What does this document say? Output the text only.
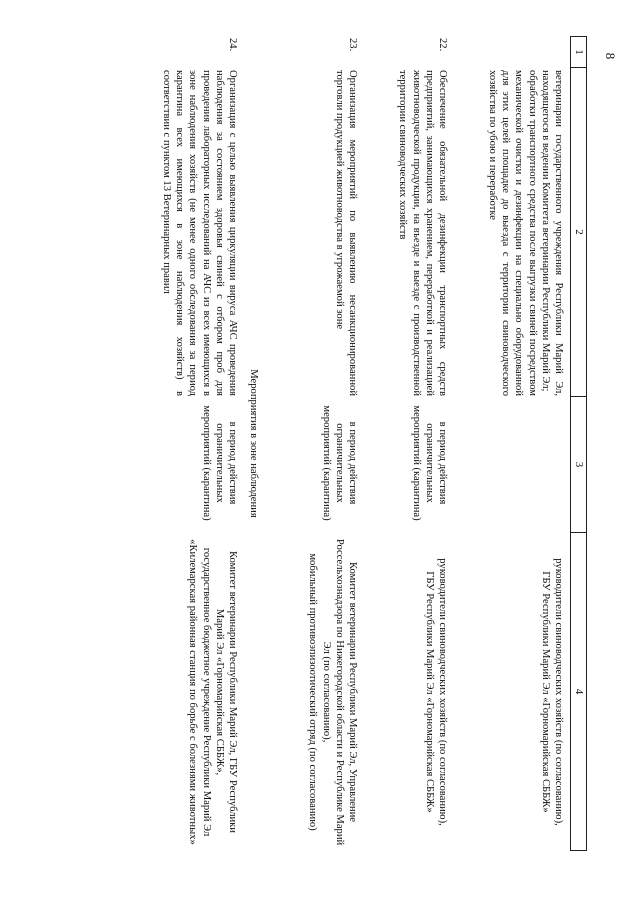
8
1
2
3
4

ветеринарии государственного учреждения Республики Марий Эл, находящегося в ведении Комитета ветеринарии Республики Марий Эл;

обработки транспортного средства после выгрузки свиней посредством механической очистки и дезинфекции на специально оборудованной для этих целей площадке до выезда с территории свиноводческого хозяйства по убою и переработке

руководители свиноводческих хозяйств (по согласованию),

ГБУ Республики Марий Эл «Горномарийская СББЖ»

22.
Обеспечение обязательной дезинфекции транспортных средств предприятий, занимающихся хранением, переработкой и реализацией животноводческой продукции, на въезде и выезде с производственной территории свиноводческих хозяйств
в период действия ограничительных мероприятий (карантина)

руководители свиноводческих хозяйств (по согласованию),

ГБУ Республики Марий Эл «Горномарийская СББЖ»

23.
Организация мероприятий по выявлению несанкционированной торговли продукцией животноводства в угрожаемой зоне
в период действия ограничительных мероприятий (карантина)

Комитет ветеринарии Республики Марий Эл, Управление Россельхознадзора по Нижегородской области и Республике Марий Эл (по согласованию),

мобильный противоэпизоотический отряд (по согласованию)

Мероприятия в зоне наблюдения
24.
Организация с целью выявления циркуляции вируса АЧС проведения наблюдения за состоянием здоровья свиней с отбором проб для проведения лабораторных исследований на АЧС из всех имеющихся в зоне наблюдения хозяйств (не менее одного обследования за период карантина всех имеющихся в зоне наблюдения хозяйств) в соответствии с пунктом 13 Ветеринарных правил
в период действия ограничительных мероприятий (карантина)

Комитет ветеринарии Республики Марий Эл, ГБУ Республики Марий Эл «Горномарийская СББЖ»,

государственное бюджетное учреждение Республики Марий Эл «Килемарская районная станция по борьбе с болезнями животных»
